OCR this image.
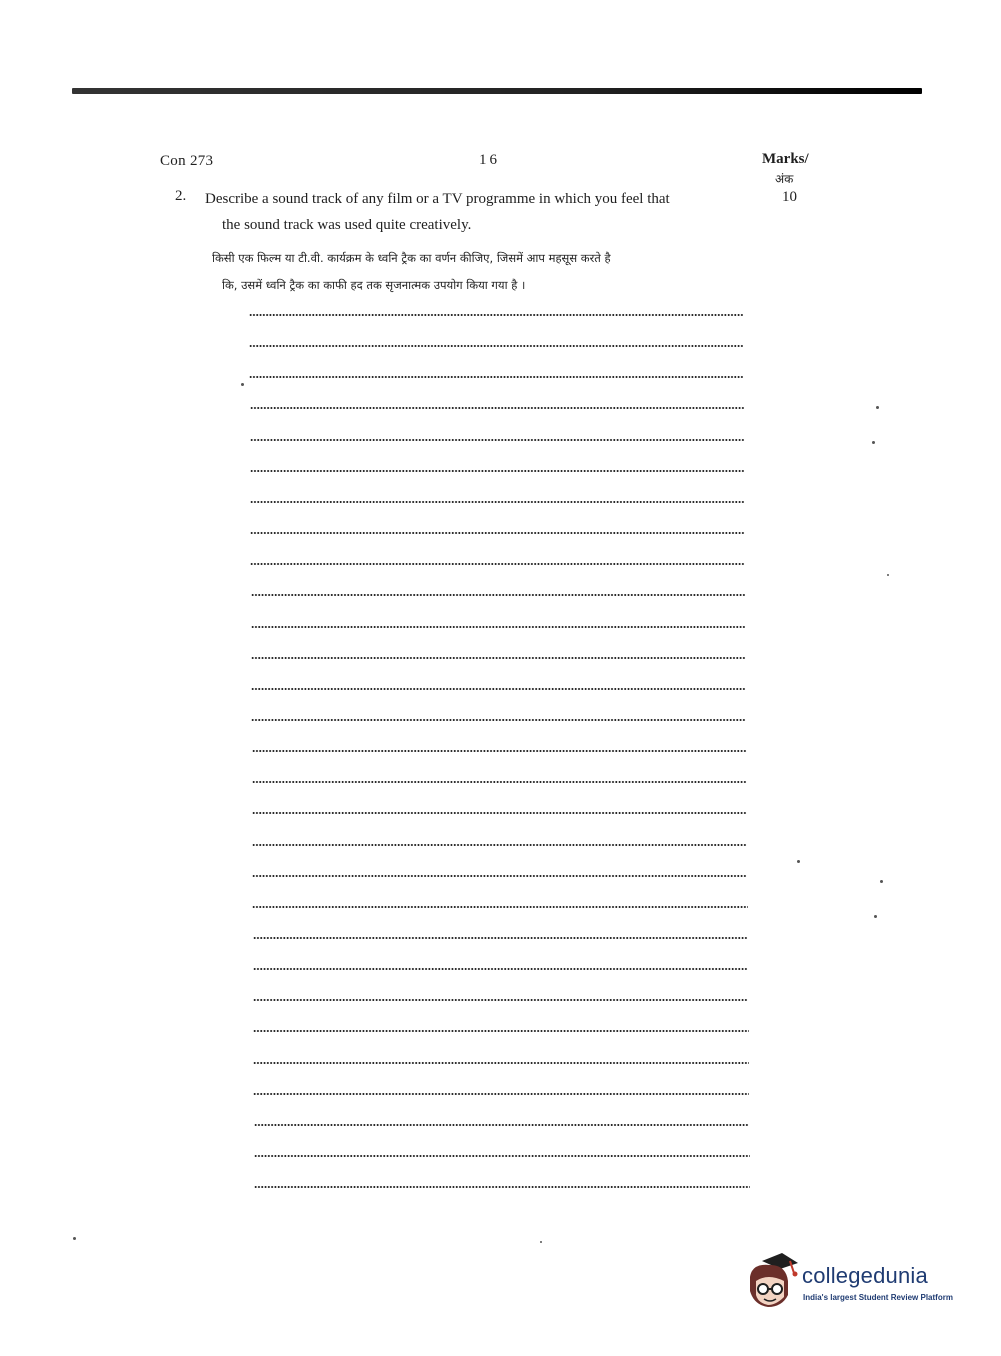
Con 273	16	Marks/
अंक
10
2. Describe a sound track of any film or a TV programme in which you feel that
the sound track was used quite creatively.
किसी एक फिल्म या टी.वी. कार्यक्रम के ध्वनि ट्रैक का वर्णन कीजिए, जिसमें आप महसूस करते है
कि, उसमें ध्वनि ट्रैक का काफी हद तक सृजनात्मक उपयोग किया गया है ।
collegedunia
India's largest Student Review Platform
